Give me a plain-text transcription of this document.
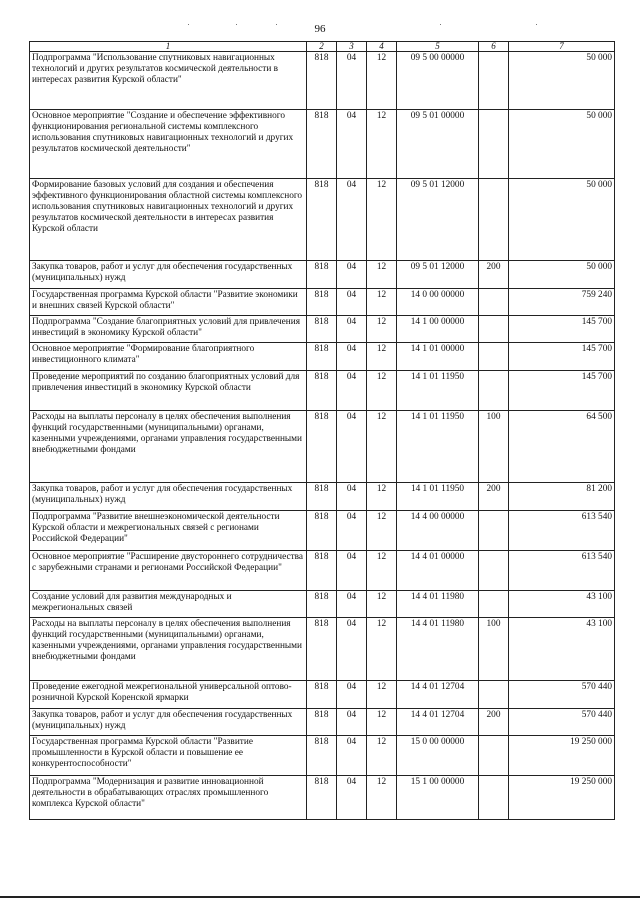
96
1	2	3	4	5	6	7
Подпрограмма "Использование спутниковых навигационных технологий и других результатов космической деятельности в интересах развития Курской области"	818	04	12	09 5 00 00000		50 000
Основное мероприятие "Создание и обеспечение эффективного функционирования региональной системы комплексного использования спутниковых навигационных технологий и других результатов космической деятельности"	818	04	12	09 5 01 00000		50 000
Формирование базовых условий для создания и обеспечения эффективного функционирования областной системы комплексного использования спутниковых навигационных технологий и других результатов космической деятельности в интересах развития Курской области	818	04	12	09 5 01 12000		50 000
Закупка товаров, работ и услуг для обеспечения государственных (муниципальных) нужд	818	04	12	09 5 01 12000	200	50 000
Государственная программа Курской области "Развитие экономики и внешних связей Курской области"	818	04	12	14 0 00 00000		759 240
Подпрограмма "Создание благоприятных условий для привлечения инвестиций в экономику Курской области"	818	04	12	14 1 00 00000		145 700
Основное мероприятие "Формирование благоприятного инвестиционного климата"	818	04	12	14 1 01 00000		145 700
Проведение мероприятий по созданию благоприятных условий для привлечения инвестиций в экономику Курской области	818	04	12	14 1 01 11950		145 700
Расходы на выплаты персоналу в целях обеспечения выполнения функций государственными (муниципальными) органами, казенными учреждениями, органами управления государственными внебюджетными фондами	818	04	12	14 1 01 11950	100	64 500
Закупка товаров, работ и услуг для обеспечения государственных (муниципальных) нужд	818	04	12	14 1 01 11950	200	81 200
Подпрограмма "Развитие внешнеэкономической деятельности Курской области и межрегиональных связей с регионами Российской Федерации"	818	04	12	14 4 00 00000		613 540
Основное мероприятие "Расширение двустороннего сотрудничества с зарубежными странами и регионами Российской Федерации"	818	04	12	14 4 01 00000		613 540
Создание условий для развития международных и межрегиональных связей	818	04	12	14 4 01 11980		43 100
Расходы на выплаты персоналу в целях обеспечения выполнения функций государственными (муниципальными) органами, казенными учреждениями, органами управления государственными внебюджетными фондами	818	04	12	14 4 01 11980	100	43 100
Проведение ежегодной межрегиональной универсальной оптово-розничной Курской Коренской ярмарки	818	04	12	14 4 01 12704		570 440
Закупка товаров, работ и услуг для обеспечения государственных (муниципальных) нужд	818	04	12	14 4 01 12704	200	570 440
Государственная программа Курской области "Развитие промышленности в Курской области и повышение ее конкурентоспособности"	818	04	12	15 0 00 00000		19 250 000
Подпрограмма "Модернизация и развитие инновационной деятельности в обрабатывающих отраслях промышленного комплекса Курской области"	818	04	12	15 1 00 00000		19 250 000
